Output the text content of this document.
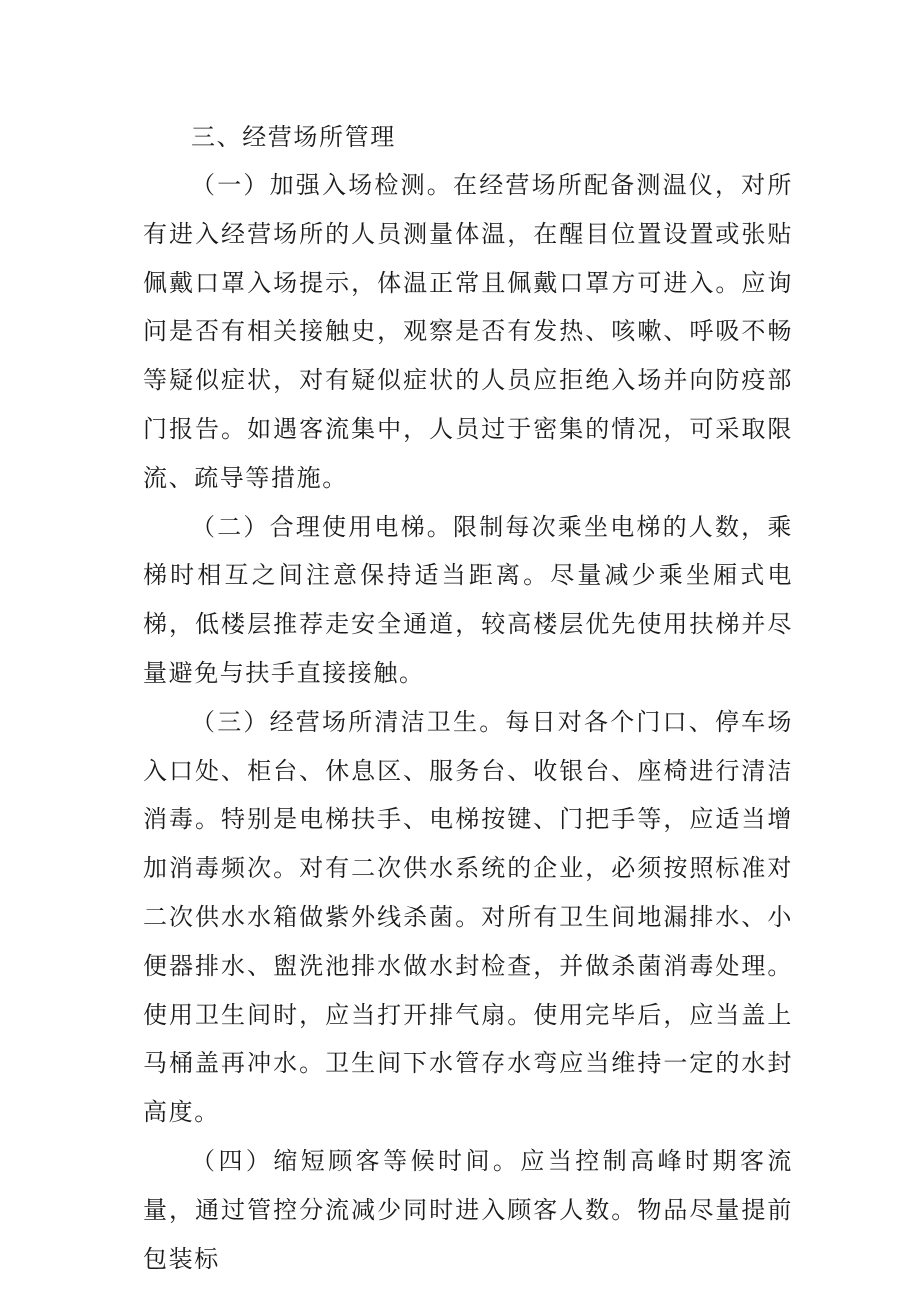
三、经营场所管理

（一）加强入场检测。在经营场所配备测温仪，对所有进入经营场所的人员测量体温，在醒目位置设置或张贴佩戴口罩入场提示，体温正常且佩戴口罩方可进入。应询问是否有相关接触史，观察是否有发热、咳嗽、呼吸不畅等疑似症状，对有疑似症状的人员应拒绝入场并向防疫部门报告。如遇客流集中，人员过于密集的情况，可采取限流、疏导等措施。

（二）合理使用电梯。限制每次乘坐电梯的人数，乘梯时相互之间注意保持适当距离。尽量减少乘坐厢式电梯，低楼层推荐走安全通道，较高楼层优先使用扶梯并尽量避免与扶手直接接触。

（三）经营场所清洁卫生。每日对各个门口、停车场入口处、柜台、休息区、服务台、收银台、座椅进行清洁消毒。特别是电梯扶手、电梯按键、门把手等，应适当增加消毒频次。对有二次供水系统的企业，必须按照标准对二次供水水箱做紫外线杀菌。对所有卫生间地漏排水、小便器排水、盥洗池排水做水封检查，并做杀菌消毒处理。使用卫生间时，应当打开排气扇。使用完毕后，应当盖上马桶盖再冲水。卫生间下水管存水弯应当维持一定的水封高度。

（四）缩短顾客等候时间。应当控制高峰时期客流量，通过管控分流减少同时进入顾客人数。物品尽量提前包装标
